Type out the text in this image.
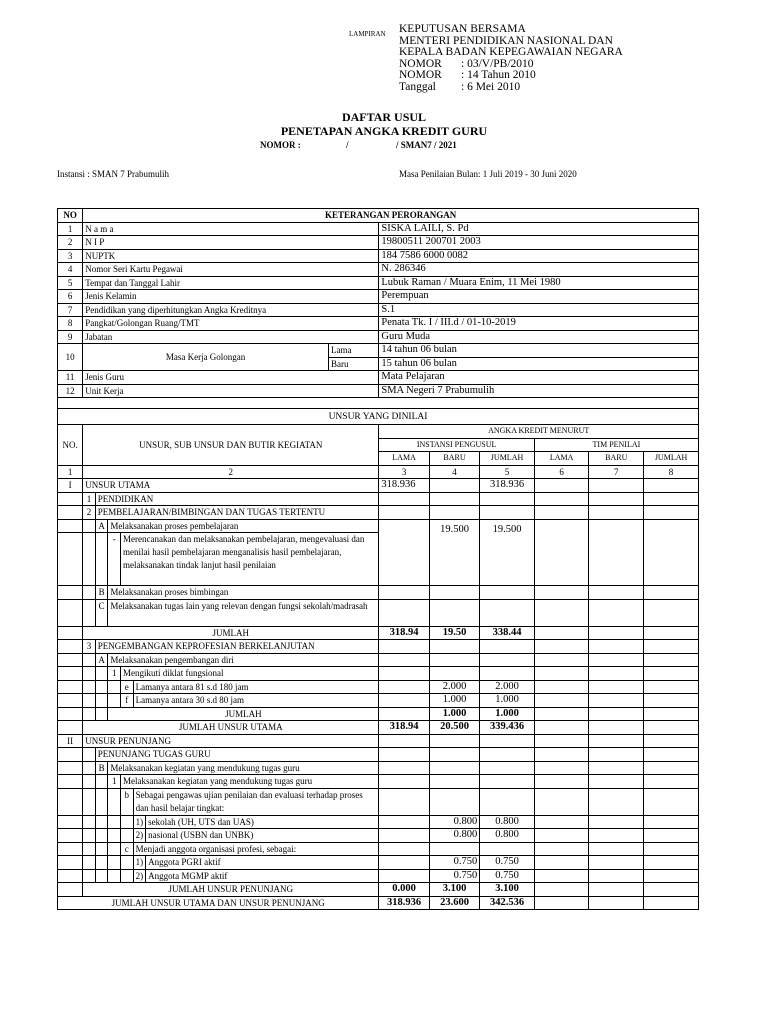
LAMPIRAN KEPUTUSAN BERSAMA
MENTERI PENDIDIKAN NASIONAL DAN
KEPALA BADAN KEPEGAWAIAN NEGARA
NOMOR : 03/V/PB/2010
NOMOR : 14 Tahun 2010
Tanggal : 6 Mei 2010
DAFTAR USUL
PENETAPAN ANGKA KREDIT GURU
NOMOR :	/	/ SMAN7 / 2021
Instansi : SMAN 7 Prabumulih	Masa Penilaian Bulan: 1 Juli 2019 - 30 Juni 2020
NO	KETERANGAN PERORANGAN												
1	N a m a							SISKA LAILI, S. Pd					
2	N I P							19800511 200701 2003					
3	NUPTK							184 7586 6000 0082					
4	Nomor Seri Kartu Pegawai							N. 286346					
5	Tempat dan Tanggal Lahir							Lubuk Raman / Muara Enim, 11 Mei 1980					
6	Jenis Kelamin							Perempuan					
7	Pendidikan yang diperhitungkan Angka Kreditnya							S.1					
8	Pangkat/Golongan Ruang/TMT							Penata Tk. I / III.d / 01-10-2019					
9	Jabatan							Guru Muda					
10	Masa Kerja Golongan						Lama	14 tahun 06 bulan					
							Baru	15 tahun 06 bulan					
11	Jenis Guru							Mata Pelajaran					
12	Unit Kerja							SMA Negeri 7 Prabumulih					

UNSUR YANG DINILAI													
NO.	UNSUR, SUB UNSUR DAN BUTIR KEGIATAN							ANGKA KREDIT MENURUT					
								INSTANSI PENGUSUL			TIM PENILAI		
								LAMA	BARU	JUMLAH	LAMA	BARU	JUMLAH
1	2							3	4	5	6	7	8
I	UNSUR UTAMA							318.936		318.936			
	1	PENDIDIKAN											
	2	PEMBELAJARAN/BIMBINGAN DAN TUGAS TERTENTU											
		A	Melaksanakan proses pembelajaran						19.500	19.500			
			-	Merencanakan dan melaksanakan pembelajaran, mengevaluasi dan menilai hasil pembelajaran menganalisis hasil pembelajaran, melaksanakan tindak lanjut hasil penilaian									
		B	Melaksanakan proses bimbingan										
		C	Melaksanakan tugas lain yang relevan dengan fungsi sekolah/madrasah										
	JUMLAH							318.94	19.50	338.44			
	3	PENGEMBANGAN KEPROFESIAN BERKELANJUTAN											
		A	Melaksanakan pengembangan diri										
			1	Mengikuti diklat fungsional									
				e	Lamanya antara 81 s.d 180 jam				2.000	2.000			
				f	Lamanya antara 30 s.d 80 jam				1.000	1.000			
			JUMLAH						1.000	1.000			
	JUMLAH UNSUR UTAMA							318.94	20.500	339.436			
II	UNSUR PENUNJANG												
		PENUNJANG TUGAS GURU											
		B	Melaksanakan kegiatan yang mendukung tugas guru										
			1	Melaksanakan kegiatan yang mendukung tugas guru									
				b	Sebagai pengawas ujian penilaian dan evaluasi terhadap proses dan hasil belajar tingkat:								
					1)	sekolah (UH, UTS dan UAS)			0.800	0.800			
					2)	nasional (USBN dan UNBK)			0.800	0.800			
				c	Menjadi anggota organisasi profesi, sebagai:								
					1)	Anggota PGRI aktif			0.750	0.750			
					2)	Anggota MGMP aktif			0.750	0.750			
	JUMLAH UNSUR PENUNJANG							0.000	3.100	3.100			
JUMLAH UNSUR UTAMA DAN UNSUR PENUNJANG								318.936	23.600	342.536			
